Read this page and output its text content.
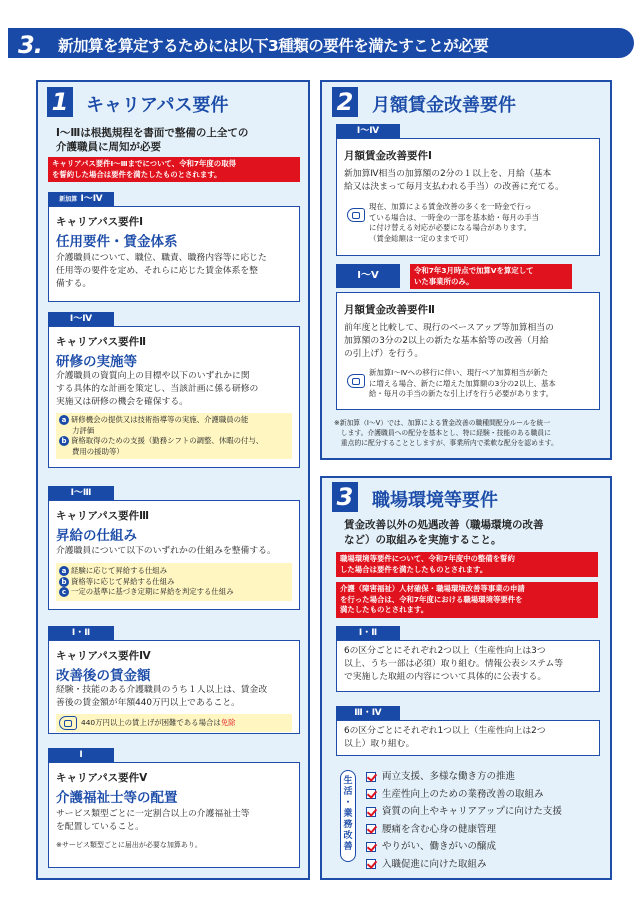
3. 新加算を算定するためには以下3種類の要件を満たすことが必要
1 キャリアパス要件
Ⅰ～Ⅲは根拠規程を書面で整備の上全ての
介護職員に周知が必要
キャリアパス要件Ⅰ～Ⅲまでについて、令和7年度の取得
を誓約した場合は要件を満たしたものとされます。
新加算 Ⅰ～Ⅳ
キャリアパス要件Ⅰ
任用要件・賃金体系
介護職員について、職位、職責、職務内容等に応じた
任用等の要件を定め、それらに応じた賃金体系を整
備する。
Ⅰ～Ⅳ
キャリアパス要件Ⅱ
研修の実施等
介護職員の資質向上の目標や以下のいずれかに関
する具体的な計画を策定し、当該計画に係る研修の
実施又は研修の機会を確保する。
a 研修機会の提供又は技術指導等の実施、介護職員の能
力評価
b 資格取得のための支援（勤務シフトの調整、休暇の付与、
費用の援助等）
Ⅰ～Ⅲ
キャリアパス要件Ⅲ
昇給の仕組み
介護職員について以下のいずれかの仕組みを整備する。
a 経験に応じて昇給する仕組み
b 資格等に応じて昇給する仕組み
c 一定の基準に基づき定期に昇給を判定する仕組み
Ⅰ・Ⅱ
キャリアパス要件Ⅳ
改善後の賃金額
経験・技能のある介護職員のうち１人以上は、賃金改
善後の賃金額が年額440万円以上であること。
440万円以上の賃上げが困難である場合は免除
Ⅰ
キャリアパス要件Ⅴ
介護福祉士等の配置
サービス類型ごとに一定割合以上の介護福祉士等
を配置していること。
※サービス類型ごとに届出が必要な加算あり。
2 月額賃金改善要件
Ⅰ～Ⅳ
月額賃金改善要件Ⅰ
新加算Ⅳ相当の加算額の2分の１以上を、月給（基本
給又は決まって毎月支払われる手当）の改善に充てる。
現在、加算による賃金改善の多くを一時金で行っ
ている場合は、一時金の一部を基本給・毎月の手当
に付け替える対応が必要になる場合があります。
（賃金総額は一定のままで可）
Ⅰ～Ⅴ	令和7年3月時点で加算Ⅴを算定して
いた事業所のみ。
月額賃金改善要件Ⅱ
前年度と比較して、現行のベースアップ等加算相当の
加算額の3分の2以上の新たな基本給等の改善（月給
の引上げ）を行う。
新加算Ⅰ～Ⅳへの移行に伴い、現行ベア加算相当が新た
に増える場合、新たに増えた加算額の3分の2以上、基本
給・毎月の手当の新たな引上げを行う必要があります。
※新加算（Ⅰ～Ⅴ）では、加算による賃金改善の職種間配分ルールを統一
　します。介護職員への配分を基本とし、特に経験・技能のある職員に
　重点的に配分することとしますが、事業所内で柔軟な配分を認めます。
3 職場環境等要件
賃金改善以外の処遇改善（職場環境の改善
など）の取組みを実施すること。
職場環境等要件について、令和7年度中の整備を誓約
した場合は要件を満たしたものとされます。
介護（障害福祉）人材確保・職場環境改善等事業の申請
を行った場合は、令和7年度における職場環境等要件を
満たしたものとされます。
Ⅰ・Ⅱ
6の区分ごとにそれぞれ2つ以上（生産性向上は3つ
以上、うち一部は必須）取り組む。情報公表システム等
で実施した取組の内容について具体的に公表する。
Ⅲ・Ⅳ
6の区分ごとにそれぞれ1つ以上（生産性向上は2つ
以上）取り組む。
生
活
・
業
務
改
善
両立支援、多様な働き方の推進
生産性向上のための業務改善の取組み
資質の向上やキャリアアップに向けた支援
腰痛を含む心身の健康管理
やりがい、働きがいの醸成
入職促進に向けた取組み
